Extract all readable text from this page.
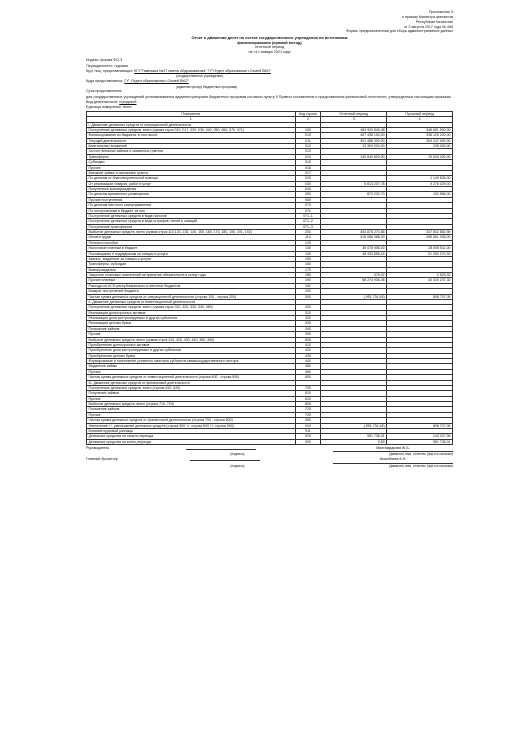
Приложение 3
к приказу Министра финансов
Республики Казахстан
от 2 августа 2017 года № 468
Форма, предназначенная для сбора административных данных
Отчет о движении денег на счетах государственного учреждения по источникам
финансирования (прямой метод)
отчетный период
на «1» января 2021 года
Индекс: форма ФО-3
Периодичность: годовая
Круг лиц, представляющих: КГУ"Гимназия №37 имени Абдрахманова" ГУ"Отдел образования г.Семей ВКО"
(государственное учреждение)
Куда представляется: ГУ" Отдел образования г.Семей ВКО"
(администратору бюджетных программ)
Срок представления:
для государственных учреждений устанавливается администраторами бюджетных программ согласно пункту 9 Правил составления и представления финансовой отчетности, утвержденных настоящим приказом.
Вид деятельности: городской
Единица измерения: тенге
Показатели	Код строки	Отчетный период	Прошлый период
1	2	3	4
I. Движение денежных средств от операционной деятельности			
Поступление денежных средств, всего (сумма строк 010, 017, 020, 030, 040, 050, 060, 070, 071)	100	463 923 540,48	348 651 590,00
Финансирование из бюджета, в том числе:	010	457 438 100,00	338 125 200,00
Текущей деятельности	011	301 488 300,00	263 247 000,00
Капитальных вложений	012	13 300 000,00	235 000,00
За счет внешних займов и связанных грантов	013		
Трансферты	014	140 649 800,00	76 643 200,00
Субсидии	015		
Прочие	016		
Внешние займы и связанные гранты	017		
По деньгам от благотворительной помощи	020		1 140 505,00
От реализации товаров, работ и услуг	030	5 613 207,78	9 276 029,00
Полученные вознаграждения	040		
По деньгам временного размещения	050	872 232,70	100 856,00
Прочие поступления	060		
По деньгам местного самоуправления	070		
По поступлениям в бюджет, их них	071		
Поступление денежных средств в виде налогов	071–1		
Поступление денежных средств в виде штрафов, пеней и санкций	071–2		
Поступление трансфертов	071–3		
Выбытие денежных средств, всего (сумма строк 110,120, 130, 140, 150, 160, 170, 180, 190, 191, 192)	200	464 875 274,66	347 842 882,95
Оплата труда	110	319 088 388,00	255 561 335,00
Пенсии и пособия	120		
Налоговые платежи в бюджет	130	39 078 906,00	28 008 511,00
Поставщикам и подрядчикам за товары и услуги	140	48 432 565,16	21 250 270,33
Авансы, выданные за товары и услуги	150		
Трансферты, субсидии	160		
Вознаграждения	170		
Закрытие плановых назначений на принятие обязательств в конце года	180	479,02	2 529,32
Прочие платежи	190	58 274 936,48	43 020 237,30
Расходы по КСН республиканского и местных бюджетов	191		
Возврат поступлений бюджета	192		
Чистая сумма денежных средств от операционной деятельности (строка 100 - строка 200)	300	(-951 734,18)	808 707,05
II. Движение денежных средств от инвестиционной деятельности			
Поступление денежных средств, всего (сумма строк 310, 320, 330, 340, 350)	400		
Реализация долгосрочных активов	310		
Реализация доли контролируемых и других субъектов	320		
Реализация ценных бумаг	330		
Погашение займов	340		
Прочие	350		
Выбытие денежных средств, всего (сумма строк 410, 420, 430, 440, 450, 460)	500		
Приобретение долгосрочных активов	410		
Приобретение доли контролируемых и других субъектов	420		
Приобретение ценных бумаг	430		
Формирование и пополнение уставного капитала субъектов квазигосударственного сектора	440		
Выданные займы	450		
Прочие	460		
Чистая сумма денежных средств от инвестиционной деятельности (строка 400 - строка 500)	600		
III. Движение денежных средств от финансовой деятельности			
Поступление денежных средств, всего (строка 610, 620)	700		
Получение займов	610		
Прочие	620		
Выбытие денежных средств, всего (строка 710, 720)	800		
Погашение займов	710		
Прочие	720		
Чистая сумма денежных средств от финансовой деятельности (строка 700 - строка 800)	900		
Увеличение +/- уменьшение денежных средств (строка 300 +/- строка 600 +/- строка 900)	910	(-951 734,18)	808 707,05
Влияние курсовой разницы	911		
Денежные средства на начало периода	920	951 735,01	143 027,96
Денежные средства на конец периода	930	0,83	951 735,01
Руководитель	Малгамдарова Ж.Б.
(подпись)	(фамилия, имя, отчество (при его наличии)
Главный бухгалтер	Иманбаева Б.Н.
(подпись)	(фамилия, имя, отчество (при его наличии)
